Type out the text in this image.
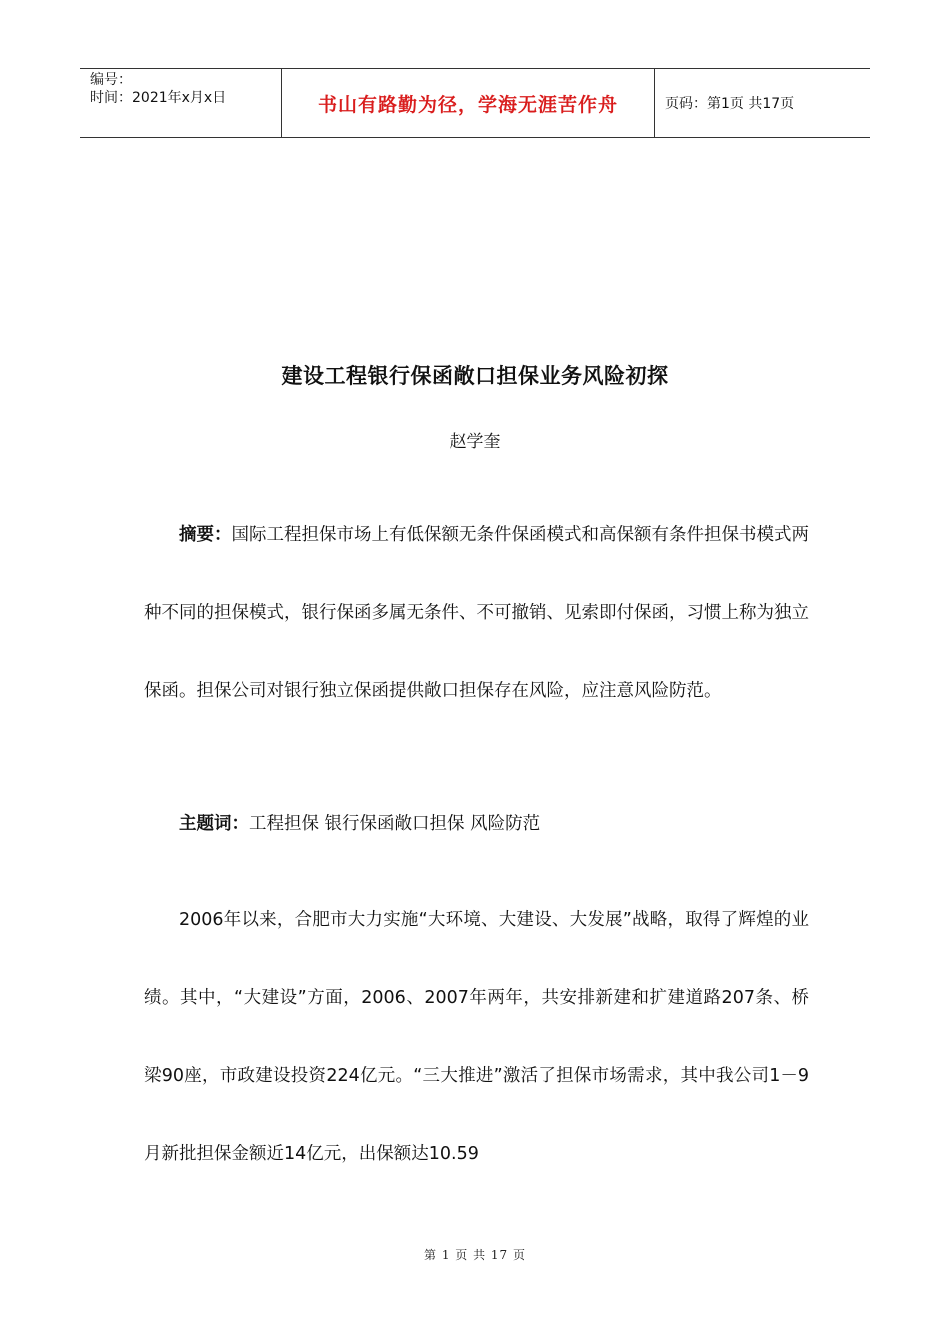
编号：
时间：2021年x月x日	书山有路勤为径，学海无涯苦作舟	页码：第1页 共17页
建设工程银行保函敞口担保业务风险初探
赵学奎

摘要：国际工程担保市场上有低保额无条件保函模式和高保额有条件担保书模式两种不同的担保模式，银行保函多属无条件、不可撤销、见索即付保函，习惯上称为独立保函。担保公司对银行独立保函提供敞口担保存在风险，应注意风险防范。

主题词：工程担保 银行保函敞口担保 风险防范

2006年以来，合肥市大力实施“大环境、大建设、大发展”战略，取得了辉煌的业绩。其中，“大建设”方面，2006、2007年两年，共安排新建和扩建道路207条、桥梁90座，市政建设投资224亿元。“三大推进”激活了担保市场需求，其中我公司1－9月新批担保金额近14亿元，出保额达10.59

第 1 页 共 17 页
